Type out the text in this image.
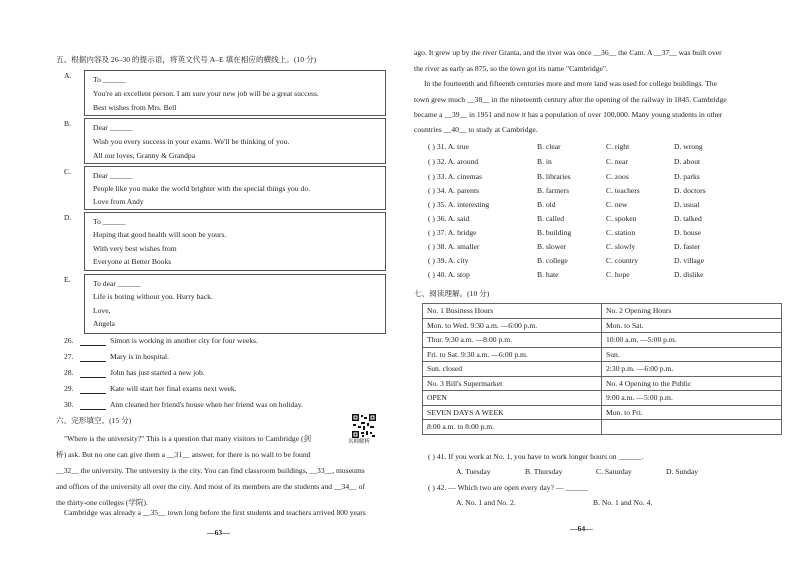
五、根据内容及 26–30 的提示语，将英文代号 A–E 填在相应的横线上。(10 分)
A.	To ______
You're an excellent person. I am sure your new job will be a great success.
Best wishes from Mrs. Bell
B.	Dear ______
Wish you every success in your exams. We'll be thinking of you.
All our loves, Granny & Grandpa
C.	Dear ______
People like you make the world brighter with the special things you do.
Love from Andy
D.	To ______
Hoping that good health will soon be yours.
With very best wishes from
Everyone at Better Books
E.	To dear ______
Life is boring without you. Hurry back.
Love,
Angela
26.	Simon is working in another city for four weeks.
27.	Mary is in hospital.
28.	John has just started a new job.
29.	Kate will start her final exams next week.
30.	Ann cleaned her friend's house when her friend was on holiday.
六、完形填空。(15 分)
名师解析
"Where is the university?" This is a question that many visitors to Cambridge (剑
桥) ask. But no one can give them a __31__ answer, for there is no wall to be found
__32__ the university. The university is the city. You can find classroom buildings, __33__, museums
and offices of the university all over the city. And most of its members are the students and __34__ of
the thirty-one colleges (学院).
Cambridge was already a __35__ town long before the first students and teachers arrived 800 years
—63—
ago. It grew up by the river Granta, and the river was once __36__ the Cam. A __37__ was built over
the river as early as 875, so the town got its name "Cambridge".
In the fourteenth and fifteenth centuries more and more land was used for college buildings. The
town grew much __38__ in the nineteenth century after the opening of the railway in 1845. Cambridge
became a __39__ in 1951 and now it has a population of over 100,000. Many young students in other
countries __40__ to study at Cambridge.
( ) 31. A. true	B. clear	C. right	D. wrong
( ) 32. A. around	B. in	C. near	D. about
( ) 33. A. cinemas	B. libraries	C. zoos	D. parks
( ) 34. A. parents	B. farmers	C. teachers	D. doctors
( ) 35. A. interesting	B. old	C. new	D. usual
( ) 36. A. said	B. called	C. spoken	D. talked
( ) 37. A. bridge	B. building	C. station	D. house
( ) 38. A. smaller	B. slower	C. slowly	D. faster
( ) 39. A. city	B. college	C. country	D. village
( ) 40. A. stop	B. hate	C. hope	D. dislike
七、阅读理解。(10 分)
No. 1 Business Hours	No. 2 Opening Hours
Mon. to Wed. 9:30 a.m. —6:00 p.m.	Mon. to Sat.
Thur. 9:30 a.m. —8:00 p.m.	10:00 a.m. —5:00 p.m.
Fri. to Sat. 9:30 a.m. —6:00 p.m.	Sun.
Sun. closed	2:30 p.m. —6:00 p.m.
No. 3 Bill's Supermarket	No. 4 Opening to the Public
OPEN	9:00 a.m. —5:00 p.m.
SEVEN DAYS A WEEK	Mon. to Fri.
8:00 a.m. to 8:00 p.m.	
( ) 41. If you work at No. 1, you have to work longer hours on ______.
A. Tuesday	B. Thursday	C. Saturday	D. Sunday
( ) 42. — Which two are open every day? — ______
A. No. 1 and No. 2.	B. No. 1 and No. 4.
—64—
